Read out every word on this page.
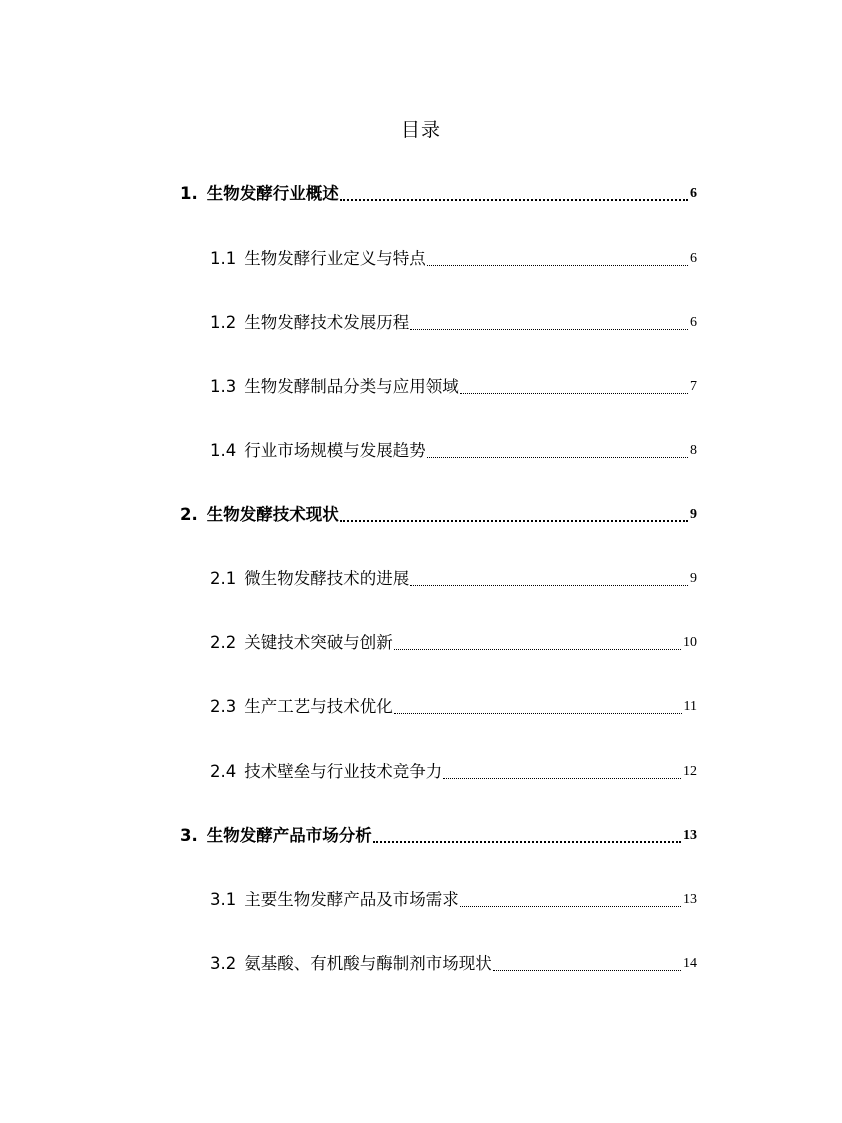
目录
1. 生物发酵行业概述	6
1.1 生物发酵行业定义与特点	6
1.2 生物发酵技术发展历程	6
1.3 生物发酵制品分类与应用领域	7
1.4 行业市场规模与发展趋势	8
2. 生物发酵技术现状	9
2.1 微生物发酵技术的进展	9
2.2 关键技术突破与创新	10
2.3 生产工艺与技术优化	11
2.4 技术壁垒与行业技术竞争力	12
3. 生物发酵产品市场分析	13
3.1 主要生物发酵产品及市场需求	13
3.2 氨基酸、有机酸与酶制剂市场现状	14
